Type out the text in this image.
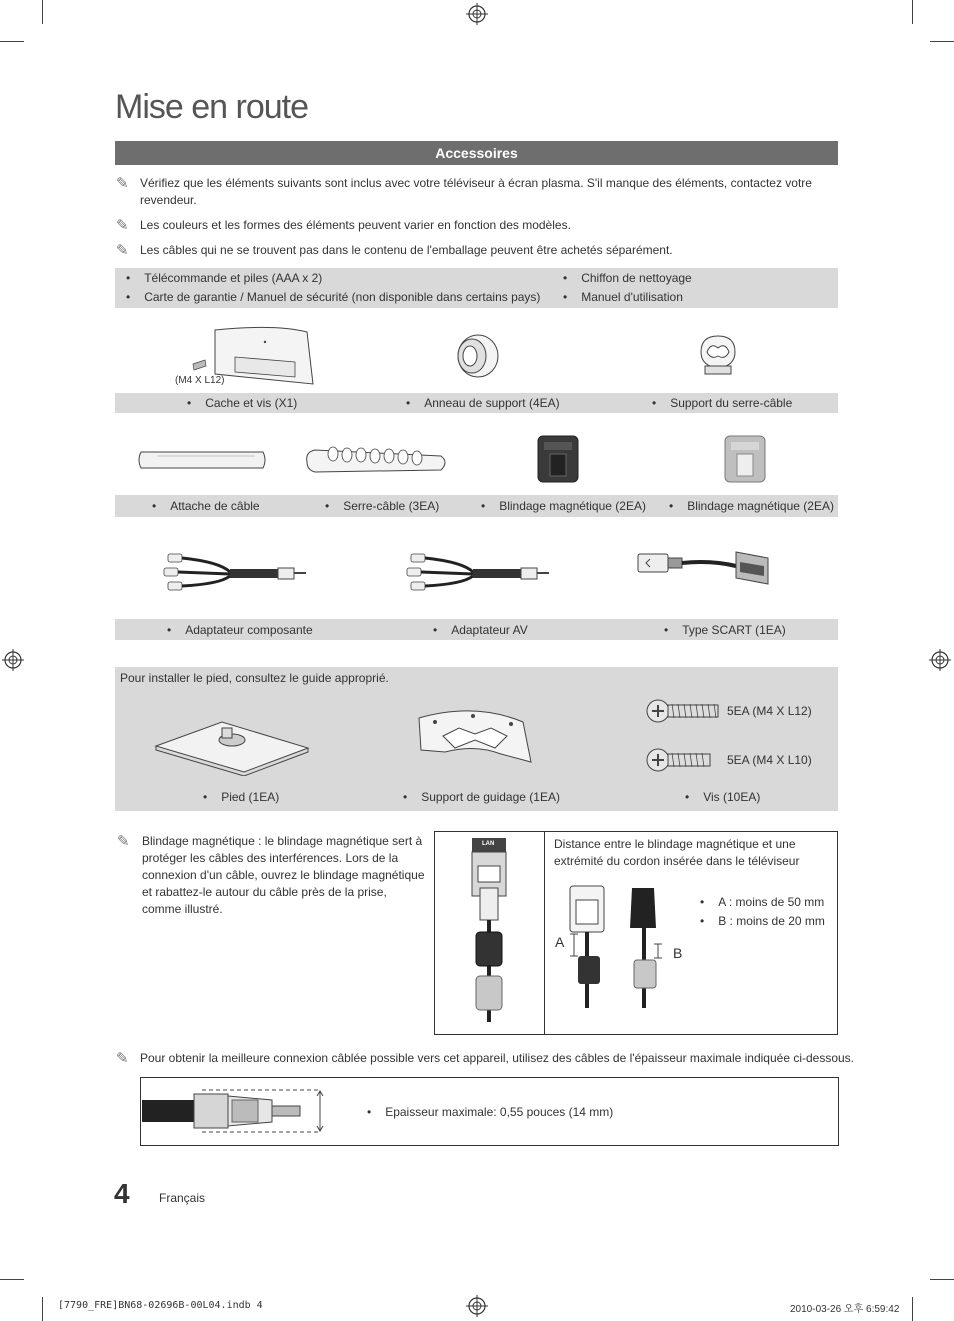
Mise en route
Accessoires
✎ Vérifiez que les éléments suivants sont inclus avec votre téléviseur à écran plasma. S'il manque des éléments, contactez votre revendeur.
✎ Les couleurs et les formes des éléments peuvent varier en fonction des modèles.
✎ Les câbles qui ne se trouvent pas dans le contenu de l'emballage peuvent être achetés séparément.
• Télécommande et piles (AAA x 2)
• Carte de garantie / Manuel de sécurité (non disponible dans certains pays)
• Chiffon de nettoyage
• Manuel d'utilisation
(M4 X L12)
• Cache et vis (X1)	• Anneau de support (4EA)	• Support du serre-câble
• Attache de câble	• Serre-câble (3EA)	• Blindage magnétique (2EA)	• Blindage magnétique (2EA)
• Adaptateur composante	• Adaptateur AV	• Type SCART (1EA)
Pour installer le pied, consultez le guide approprié.
5EA (M4 X L12)
5EA (M4 X L10)
• Pied (1EA)	• Support de guidage (1EA)	• Vis (10EA)
✎	Blindage magnétique : le blindage magnétique sert à protéger les câbles des interférences. Lors de la connexion d'un câble, ouvrez le blindage magnétique et rabattez-le autour du câble près de la prise, comme illustré.
LAN	Distance entre le blindage magnétique et une extrémité du cordon insérée dans le téléviseur
A
B
• A : moins de 50 mm
• B : moins de 20 mm
✎ Pour obtenir la meilleure connexion câblée possible vers cet appareil, utilisez des câbles de l'épaisseur maximale indiquée ci-dessous.
• Epaisseur maximale: 0,55 pouces (14 mm)
4 Français
[7790_FRE]BN68-02696B-00L04.indb 4	2010-03-26 오후 6:59:42
